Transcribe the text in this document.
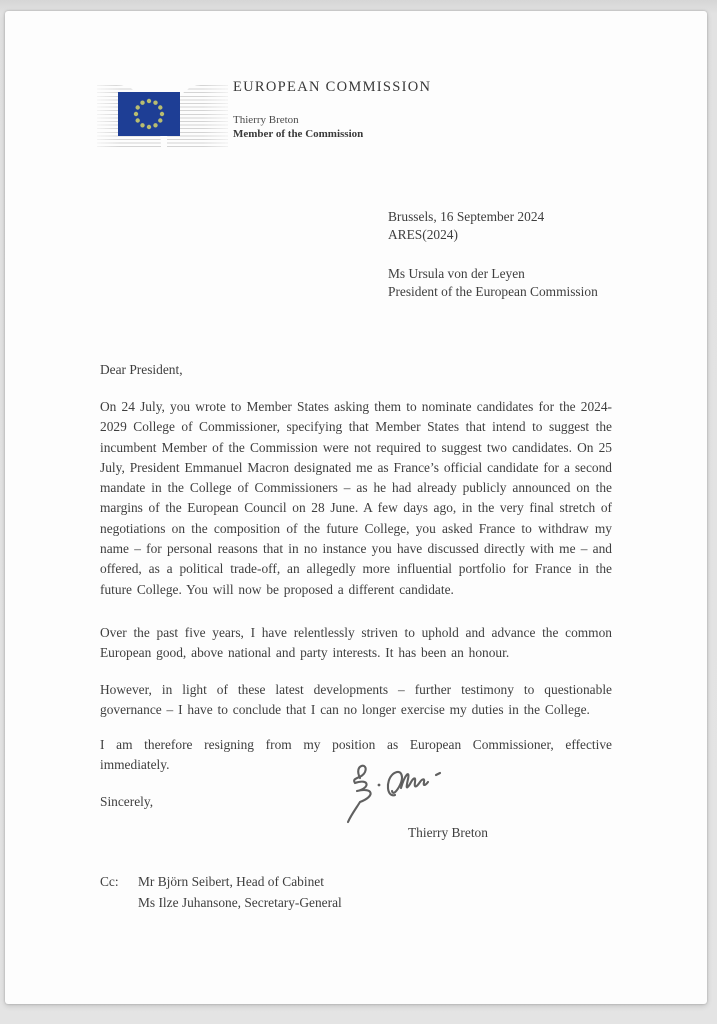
EUROPEAN COMMISSION
Thierry Breton
Member of the Commission
Brussels, 16 September 2024
ARES(2024)
Ms Ursula von der Leyen
President of the European Commission
Dear President,

On 24 July, you wrote to Member States asking them to nominate candidates for the 2024-2029 College of Commissioner, specifying that Member States that intend to suggest the incumbent Member of the Commission were not required to suggest two candidates. On 25 July, President Emmanuel Macron designated me as France’s official candidate for a second mandate in the College of Commissioners – as he had already publicly announced on the margins of the European Council on 28 June. A few days ago, in the very final stretch of negotiations on the composition of the future College, you asked France to withdraw my name – for personal reasons that in no instance you have discussed directly with me – and offered, as a political trade-off, an allegedly more influential portfolio for France in the future College. You will now be proposed a different candidate.

Over the past five years, I have relentlessly striven to uphold and advance the common European good, above national and party interests. It has been an honour.

However, in light of these latest developments – further testimony to questionable governance – I have to conclude that I can no longer exercise my duties in the College.

I am therefore resigning from my position as European Commissioner, effective immediately.

Sincerely,
Thierry Breton
Cc:	Mr Björn Seibert, Head of Cabinet
Ms Ilze Juhansone, Secretary-General
